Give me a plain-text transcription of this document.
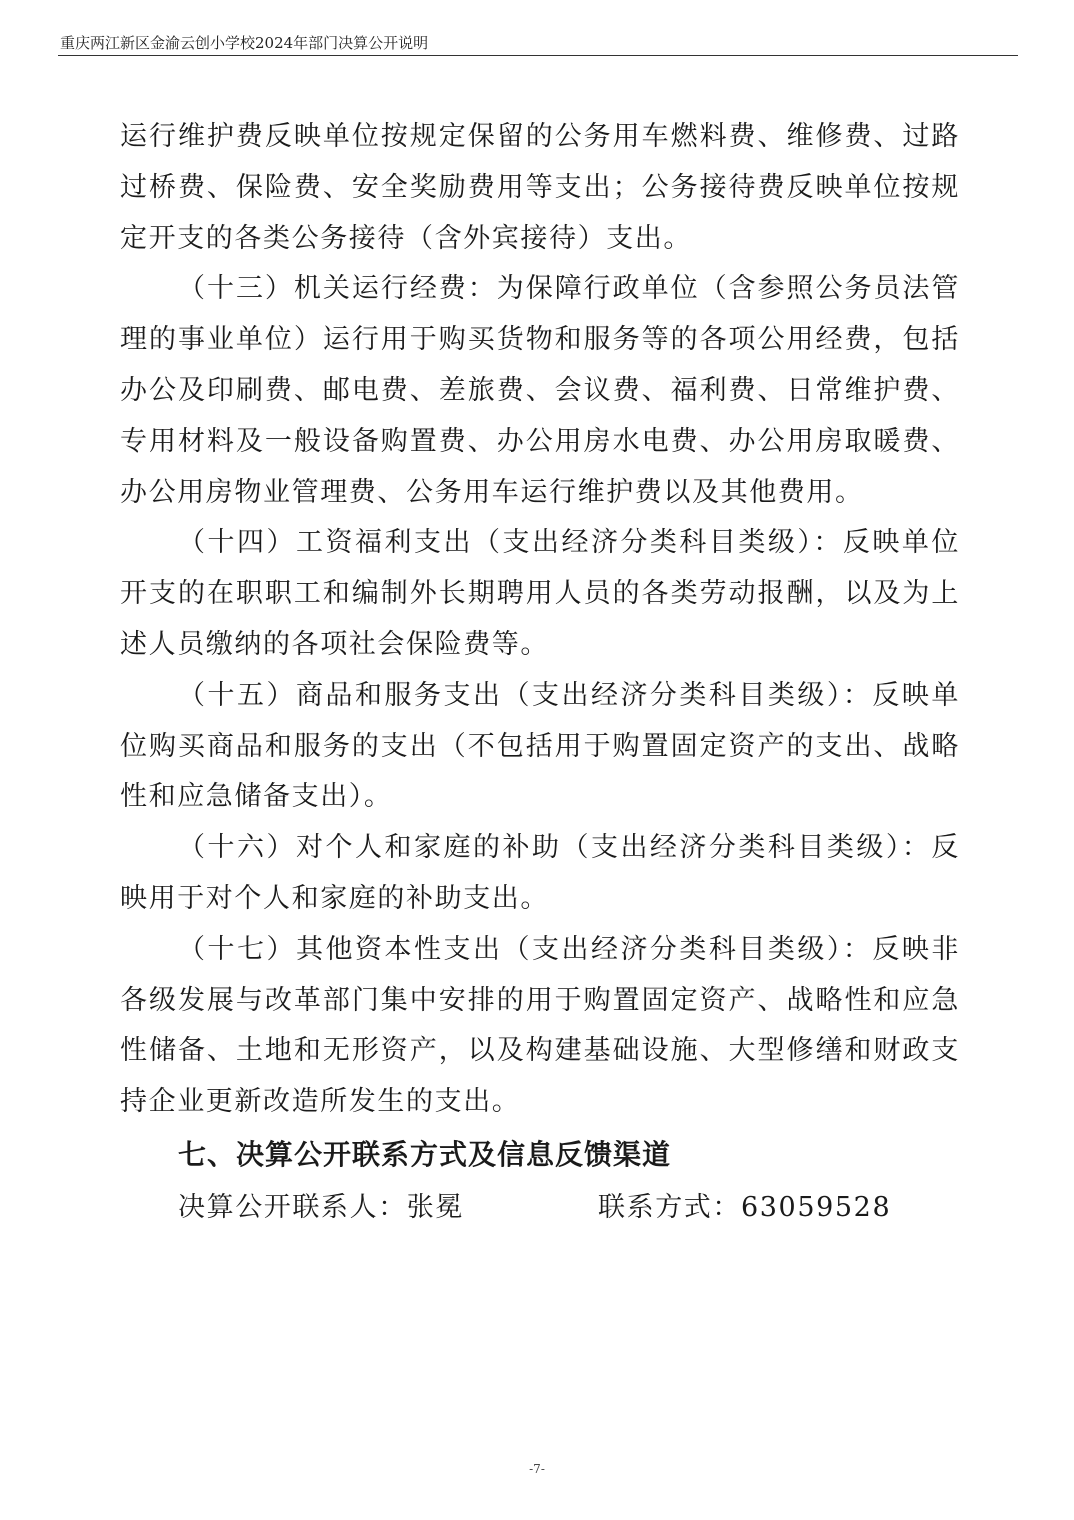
重庆两江新区金渝云创小学校2024年部门决算公开说明

运行维护费反映单位按规定保留的公务用车燃料费、维修费、过路过桥费、保险费、安全奖励费用等支出；公务接待费反映单位按规定开支的各类公务接待（含外宾接待）支出。

（十三）机关运行经费：为保障行政单位（含参照公务员法管理的事业单位）运行用于购买货物和服务等的各项公用经费，包括办公及印刷费、邮电费、差旅费、会议费、福利费、日常维护费、专用材料及一般设备购置费、办公用房水电费、办公用房取暖费、办公用房物业管理费、公务用车运行维护费以及其他费用。

（十四）工资福利支出（支出经济分类科目类级）：反映单位开支的在职职工和编制外长期聘用人员的各类劳动报酬，以及为上述人员缴纳的各项社会保险费等。

（十五）商品和服务支出（支出经济分类科目类级）：反映单位购买商品和服务的支出（不包括用于购置固定资产的支出、战略性和应急储备支出）。

（十六）对个人和家庭的补助（支出经济分类科目类级）：反映用于对个人和家庭的补助支出。

（十七）其他资本性支出（支出经济分类科目类级）：反映非各级发展与改革部门集中安排的用于购置固定资产、战略性和应急性储备、土地和无形资产，以及构建基础设施、大型修缮和财政支持企业更新改造所发生的支出。

七、决算公开联系方式及信息反馈渠道

决算公开联系人：张冕	联系方式：63059528

-7-
